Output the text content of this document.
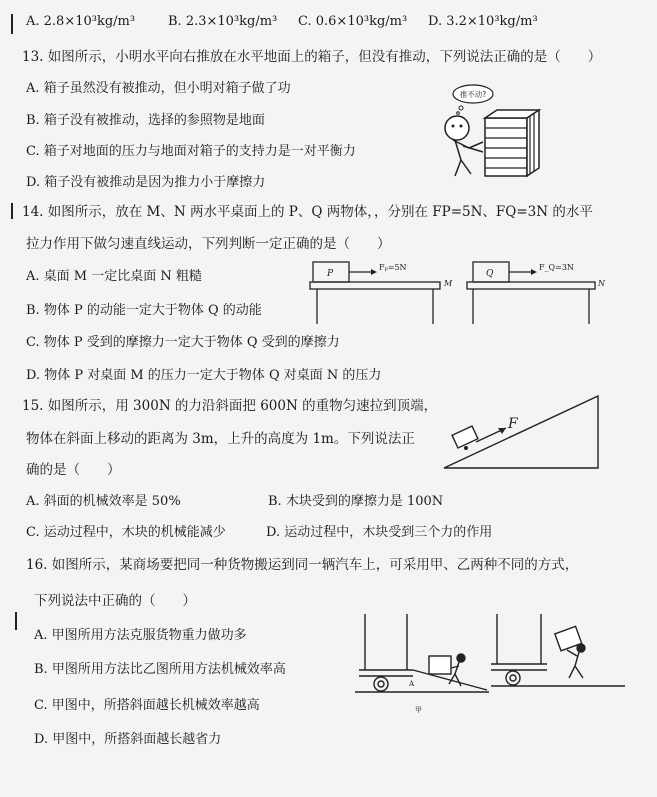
A. 2.8×10³kg/m³	B. 2.3×10³kg/m³ C. 0.6×10³kg/m³ D. 3.2×10³kg/m³
13. 如图所示，小明水平向右推放在水平地面上的箱子，但没有推动，下列说法正确的是（　　）
A. 箱子虽然没有被推动，但小明对箱子做了功
B. 箱子没有被推动，选择的参照物是地面
C. 箱子对地面的压力与地面对箱子的支持力是一对平衡力
D. 箱子没有被推动是因为推力小于摩擦力
推不动?
14. 如图所示，放在 M、N 两水平桌面上的 P、Q 两物体，，分别在 FP=5N、FQ=3N 的水平
拉力作用下做匀速直线运动，下列判断一定正确的是（　　）
A. 桌面 M 一定比桌面 N 粗糙
B. 物体 P 的动能一定大于物体 Q 的动能
C. 物体 P 受到的摩擦力一定大于物体 Q 受到的摩擦力
D. 物体 P 对桌面 M 的压力一定大于物体 Q 对桌面 N 的压力
P
Fₚ=5N
M
Q
F_Q=3N
N
15. 如图所示，用 300N 的力沿斜面把 600N 的重物匀速拉到顶端，
物体在斜面上移动的距离为 3m，上升的高度为 1m。下列说法正
确的是（　　）
A. 斜面的机械效率是 50%	B. 木块受到的摩擦力是 100N
C. 运动过程中，木块的机械能减少	D. 运动过程中，木块受到三个力的作用
F
16. 如图所示，某商场要把同一种货物搬运到同一辆汽车上，可采用甲、乙两种不同的方式，
下列说法中正确的（　　）
A. 甲图所用方法克服货物重力做功多
B. 甲图所用方法比乙图所用方法机械效率高
C. 甲图中，所搭斜面越长机械效率越高
D. 甲图中，所搭斜面越长越省力
A
甲
